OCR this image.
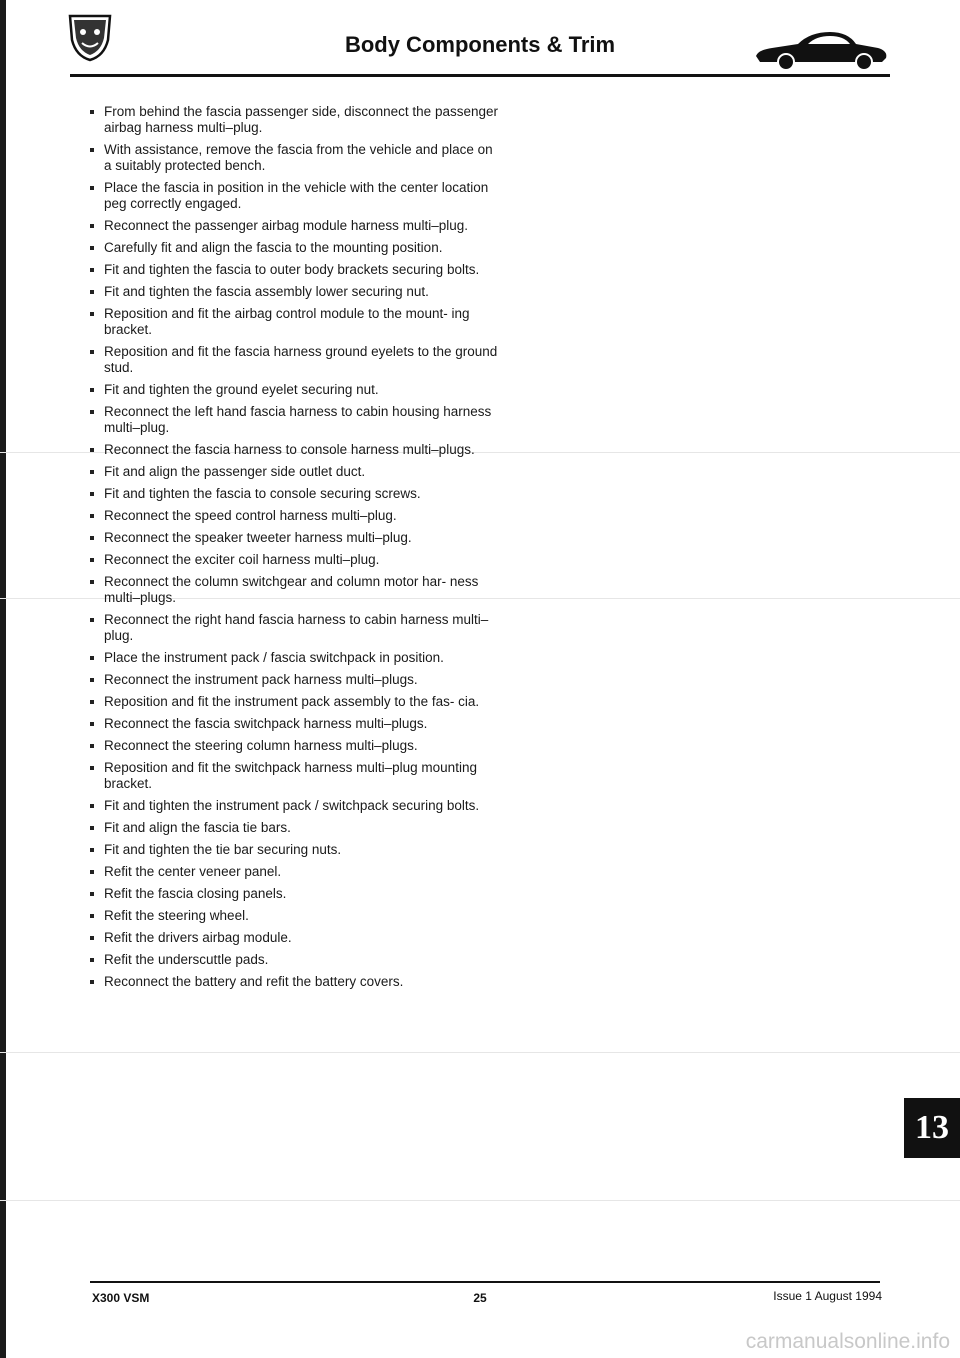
Body Components & Trim
From behind the fascia passenger side, disconnect the passenger airbag harness multi–plug.
With assistance, remove the fascia from the vehicle and place on a suitably protected bench.
Place the fascia in position in the vehicle with the center location peg correctly engaged.
Reconnect the passenger airbag module harness multi–plug.
Carefully fit and align the fascia to the mounting position.
Fit and tighten the fascia to outer body brackets securing bolts.
Fit and tighten the fascia assembly lower securing nut.
Reposition and fit the airbag control module to the mount- ing bracket.
Reposition and fit the fascia harness ground eyelets to the ground stud.
Fit and tighten the ground eyelet securing nut.
Reconnect the left hand fascia harness to cabin housing harness multi–plug.
Reconnect the fascia harness to console harness multi–plugs.
Fit and align the passenger side outlet duct.
Fit and tighten the fascia to console securing screws.
Reconnect the speed control harness multi–plug.
Reconnect the speaker tweeter harness multi–plug.
Reconnect the exciter coil harness multi–plug.
Reconnect the column switchgear and column motor har- ness multi–plugs.
Reconnect the right hand fascia harness to cabin harness multi–plug.
Place the instrument pack / fascia switchpack in position.
Reconnect the instrument pack harness multi–plugs.
Reposition and fit the instrument pack assembly to the fas- cia.
Reconnect the fascia switchpack harness multi–plugs.
Reconnect the steering column harness multi–plugs.
Reposition and fit the switchpack harness multi–plug mounting bracket.
Fit and tighten the instrument pack / switchpack securing bolts.
Fit and align the fascia tie bars.
Fit and tighten the tie bar securing nuts.
Refit the center veneer panel.
Refit the fascia closing panels.
Refit the steering wheel.
Refit the drivers airbag module.
Refit the underscuttle pads.
Reconnect the battery and refit the battery covers.
13
X300 VSM	25	Issue 1 August 1994
carmanualsonline.info
